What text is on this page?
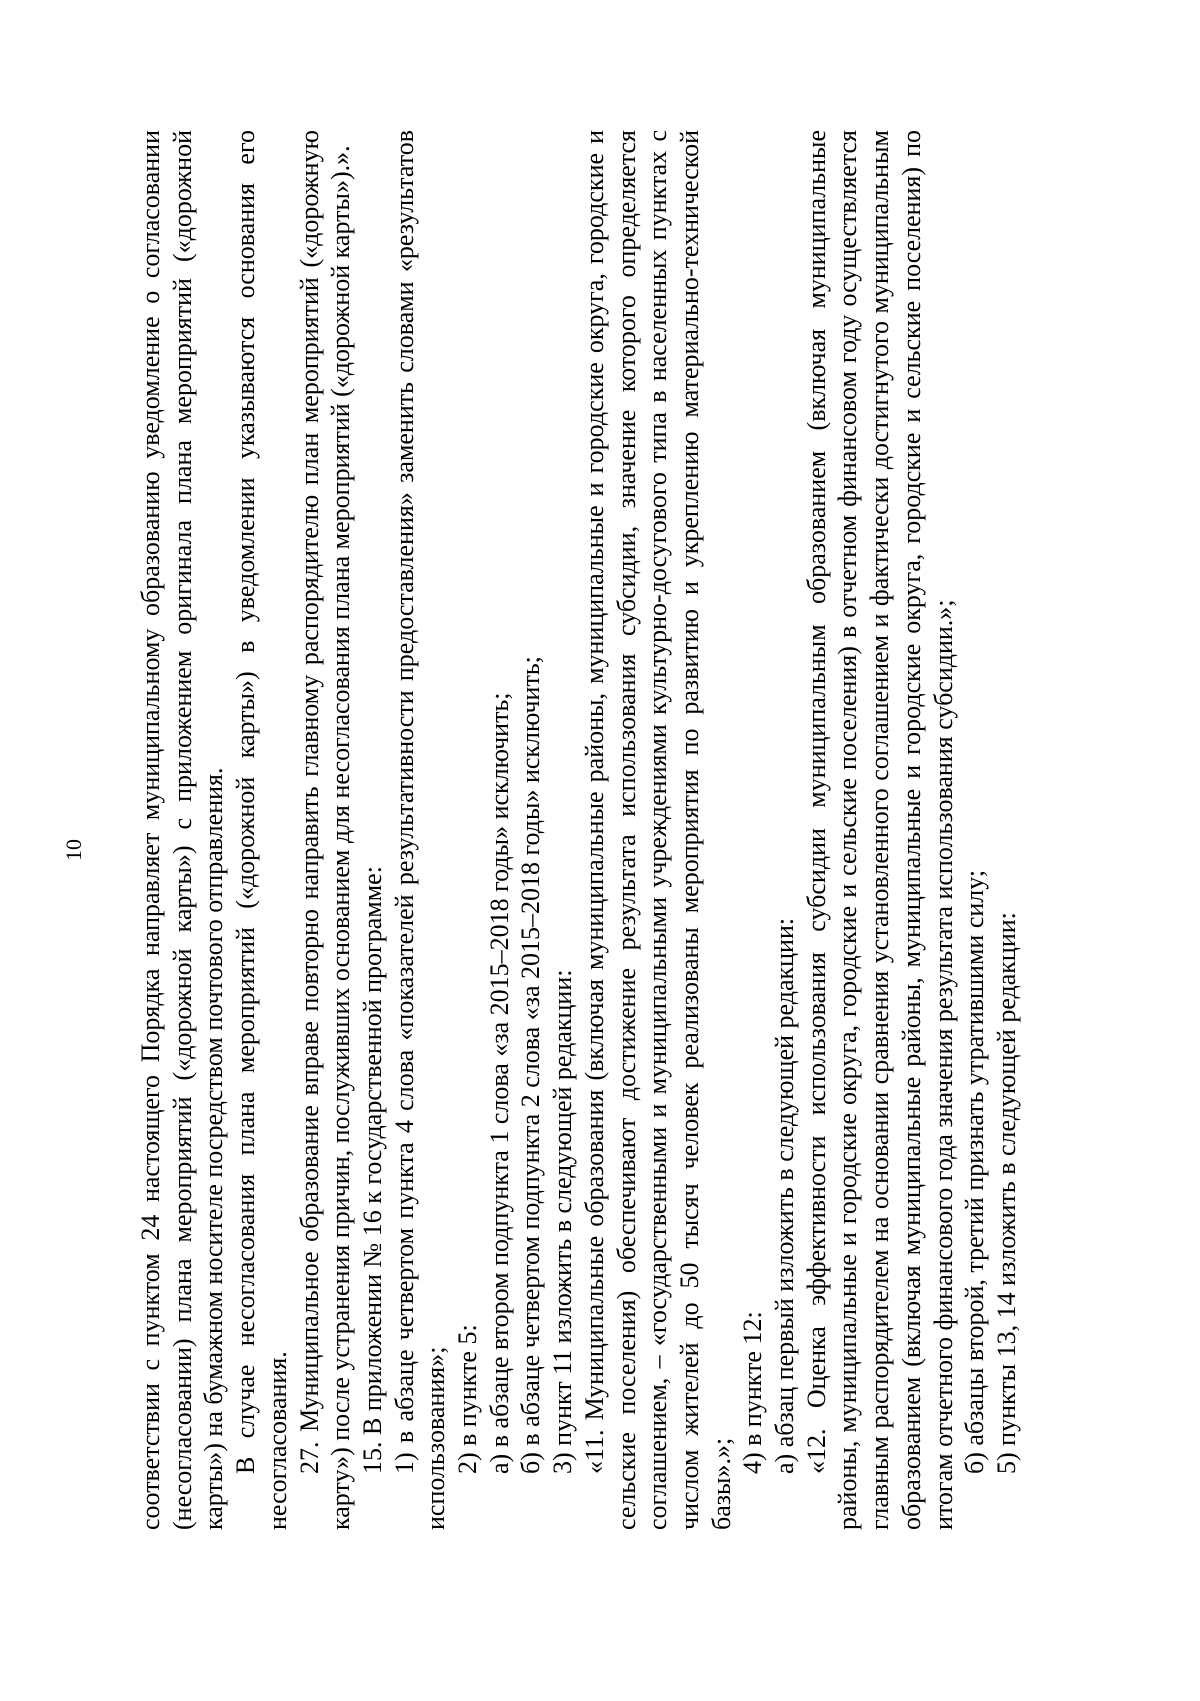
10 соответствии с пунктом 24 настоящего Порядка направляет муниципальному образованию уведомление о согласовании (несогласовании) плана мероприятий («дорожной карты») с приложением оригинала плана мероприятий («дорожной карты») на бумажном носителе посредством почтового отправления. В случае несогласования плана мероприятий («дорожной карты») в уведомлении указываются основания его несогласования. 27. Муниципальное образование вправе повторно направить главному распорядителю план мероприятий («дорожную карту») после устранения причин, послуживших основанием для несогласования плана мероприятий («дорожной карты»).». 15. В приложении № 16 к государственной программе: 1) в абзаце четвертом пункта 4 слова «показателей результативности предоставления» заменить словами «результатов использования»; 2) в пункте 5: а) в абзаце втором подпункта 1 слова «за 2015–2018 годы» исключить; б) в абзаце четвертом подпункта 2 слова «за 2015–2018 годы» исключить; 3) пункт 11 изложить в следующей редакции: «11. Муниципальные образования (включая муниципальные районы, муниципальные и городские округа, городские и сельские поселения) обеспечивают достижение результата использования субсидии, значение которого определяется соглашением, – «государственными и муниципальными учреждениями культурно-досугового типа в населенных пунктах с числом жителей до 50 тысяч человек реализованы мероприятия по развитию и укреплению материально-технической базы».»;

4) в пункте 12: а) абзац первый изложить в следующей редакции: «12. Оценка эффективности использования субсидии муниципальным образованием (включая муниципальные районы, муниципальные и городские округа, городские и сельские поселения) в отчетном финансовом году осуществляется главным распорядителем на основании сравнения установленного соглашением и фактически достигнутого муниципальным образованием (включая муниципальные районы, муниципальные и городские округа, городские и сельские поселения) по итогам отчетного финансового года значения результата использования субсидии.»; б) абзацы второй, третий признать утратившими силу; 5) пункты 13, 14 изложить в следующей редакции:
